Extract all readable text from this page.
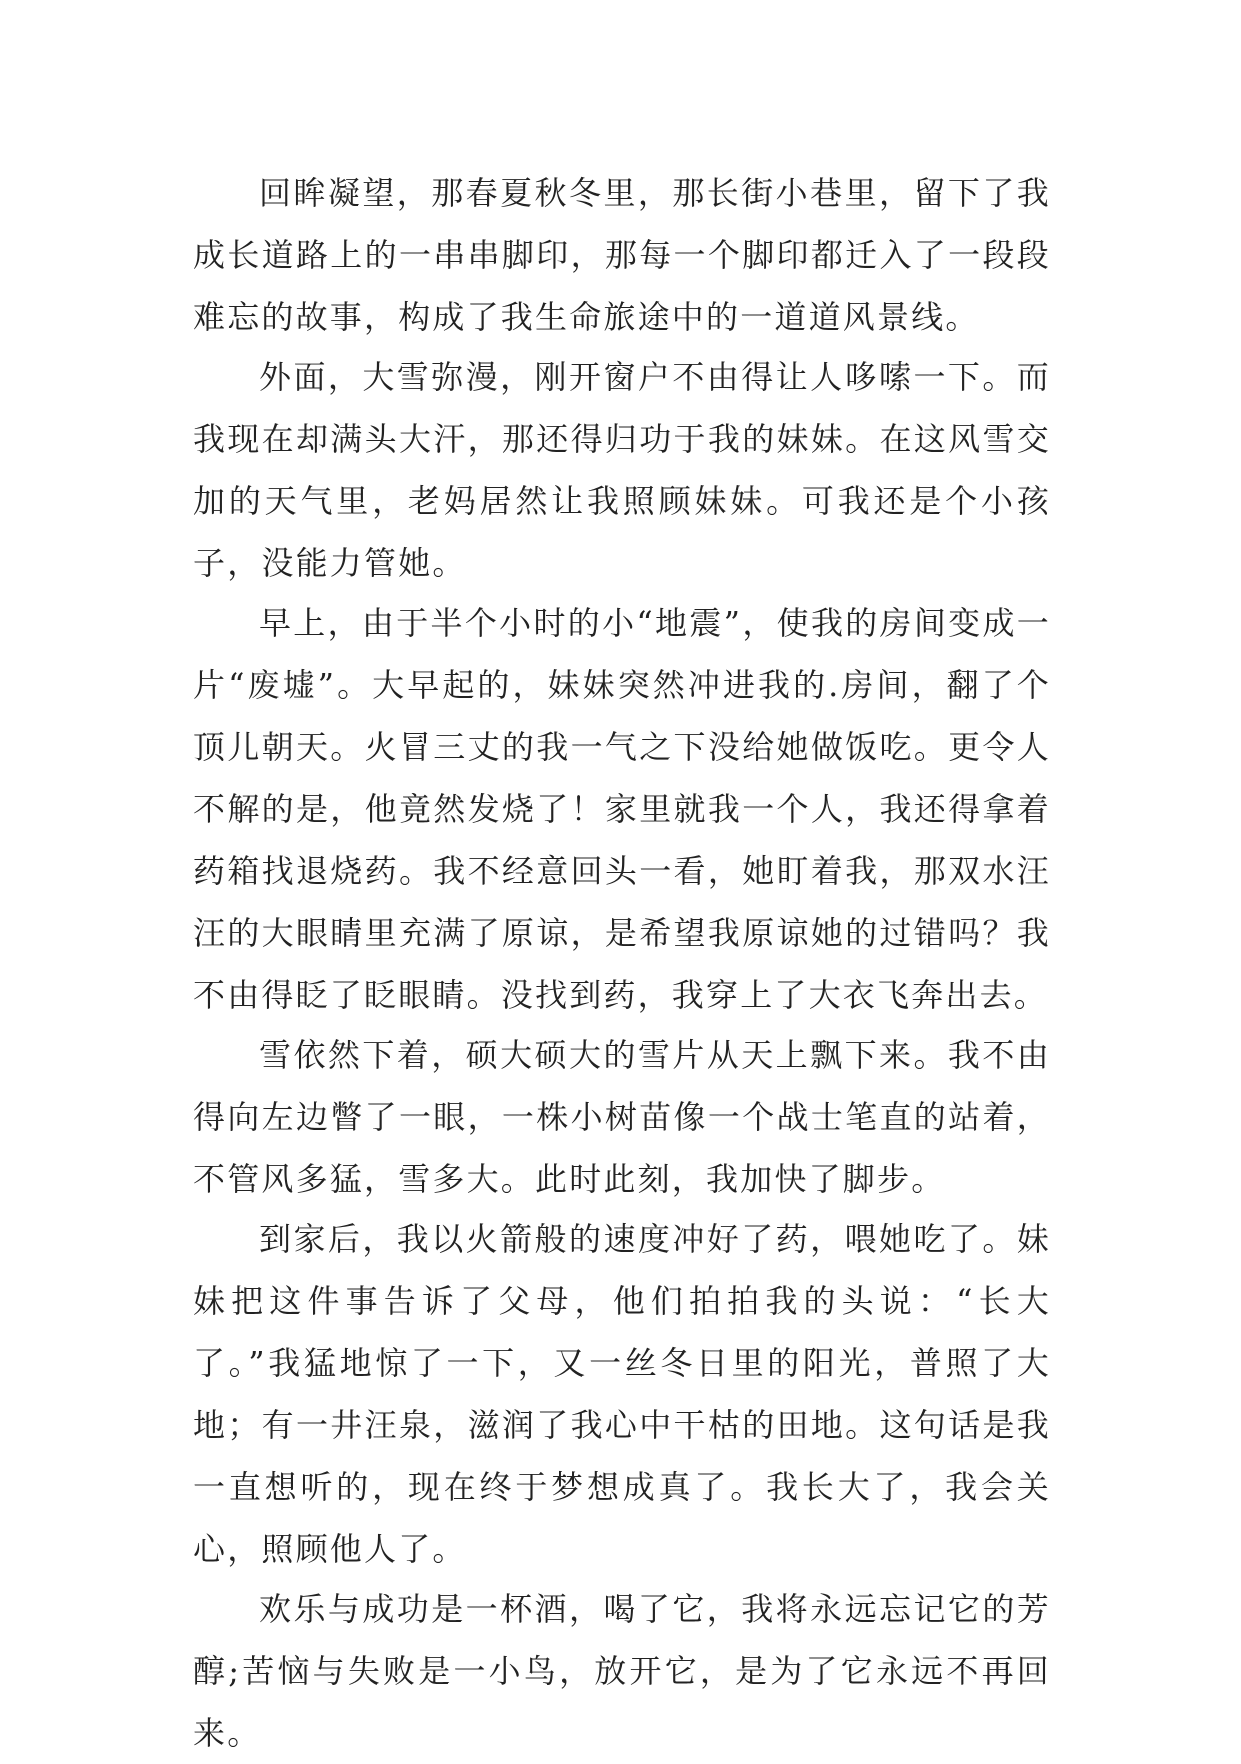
回眸凝望，那春夏秋冬里，那长街小巷里，留下了我成长道路上的一串串脚印，那每一个脚印都迁入了一段段难忘的故事，构成了我生命旅途中的一道道风景线。

外面，大雪弥漫，刚开窗户不由得让人哆嗦一下。而我现在却满头大汗，那还得归功于我的妹妹。在这风雪交加的天气里，老妈居然让我照顾妹妹。可我还是个小孩子，没能力管她。

早上，由于半个小时的小“地震”，使我的房间变成一片“废墟”。大早起的，妹妹突然冲进我的.房间，翻了个顶儿朝天。火冒三丈的我一气之下没给她做饭吃。更令人不解的是，他竟然发烧了！家里就我一个人，我还得拿着药箱找退烧药。我不经意回头一看，她盯着我，那双水汪汪的大眼睛里充满了原谅，是希望我原谅她的过错吗？我不由得眨了眨眼睛。没找到药，我穿上了大衣飞奔出去。

雪依然下着，硕大硕大的雪片从天上飘下来。我不由得向左边瞥了一眼，一株小树苗像一个战士笔直的站着，不管风多猛，雪多大。此时此刻，我加快了脚步。

到家后，我以火箭般的速度冲好了药，喂她吃了。妹妹把这件事告诉了父母，他们拍拍我的头说：“长大了。”我猛地惊了一下，又一丝冬日里的阳光，普照了大地；有一井汪泉，滋润了我心中干枯的田地。这句话是我一直想听的，现在终于梦想成真了。我长大了，我会关心，照顾他人了。

欢乐与成功是一杯酒，喝了它，我将永远忘记它的芳醇;苦恼与失败是一小鸟，放开它，是为了它永远不再回来。
